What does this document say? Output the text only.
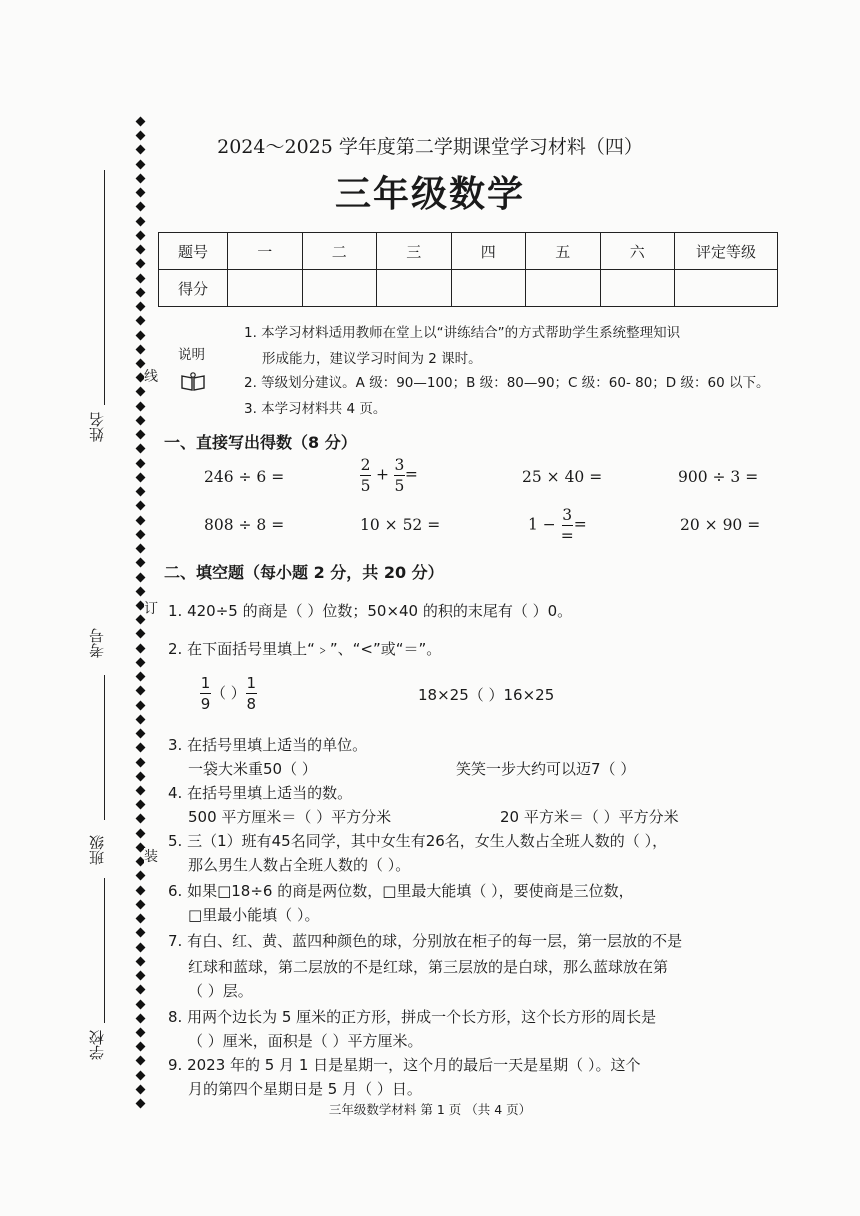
姓名
考号
班级
学校
线
订
装
2024～2025 学年度第二学期课堂学习材料（四）
三年级数学
题号	一	二	三	四	五	六	评定等级
得分							
说明
1. 本学习材料适用教师在堂上以“讲练结合”的方式帮助学生系统整理知识
形成能力，建议学习时间为 2 课时。
2. 等级划分建议。A 级：90—100；B 级：80—90；C 级：60- 80；D 级：60 以下。
3. 本学习材料共 4 页。
一、直接写出得数（8 分）
246 ÷ 6 =	$\frac{2}{5} + \frac{3}{5}$ =	25 × 40 =	900 ÷ 3 =
808 ÷ 8 =	10 × 52 =	$1 - \frac{3}{=}$ =	20 × 90 =
二、填空题（每小题 2 分，共 20 分）
1. 420÷5 的商是（ ）位数；50×40 的积的末尾有（ ）0。
2. 在下面括号里填上“﹥”、“<”或“＝”。
$\frac{1}{9}$ （ ） $\frac{1}{8}$	18×25（ ）16×25
3. 在括号里填上适当的单位。
一袋大米重50（ ）	笑笑一步大约可以迈7（ ）
4. 在括号里填上适当的数。
500 平方厘米＝（ ）平方分米	20 平方米＝（ ）平方分米
5. 三（1）班有45名同学，其中女生有26名，女生人数占全班人数的（ ），
那么男生人数占全班人数的（ ）。
6. 如果□18÷6 的商是两位数，□里最大能填（ ），要使商是三位数，
□里最小能填（ ）。
7. 有白、红、黄、蓝四种颜色的球，分别放在柜子的每一层，第一层放的不是
红球和蓝球，第二层放的不是红球，第三层放的是白球，那么蓝球放在第
（ ）层。
8. 用两个边长为 5 厘米的正方形，拼成一个长方形，这个长方形的周长是
（ ）厘米，面积是（ ）平方厘米。
9. 2023 年的 5 月 1 日是星期一，这个月的最后一天是星期（ ）。这个
月的第四个星期日是 5 月（ ）日。
三年级数学材料 第 1 页 （共 4 页）
